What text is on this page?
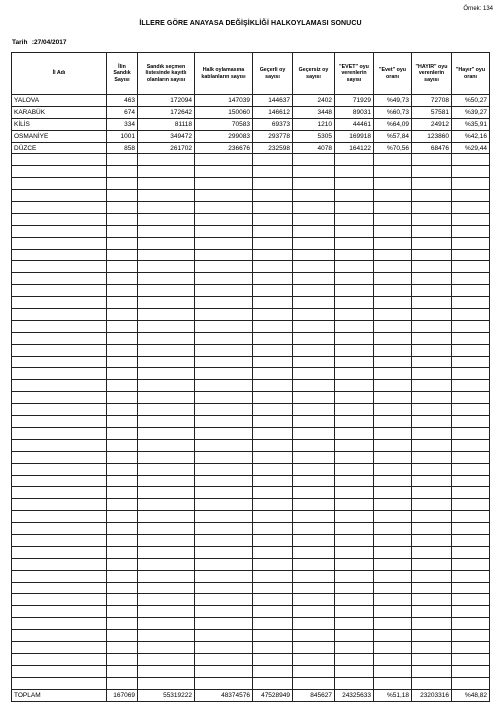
Örnek: 134
İLLERE GÖRE ANAYASA DEĞİŞİKLİĞİ HALKOYLAMASI SONUCU
Tarih :27/04/2017
İl Adı	İlin Sandık Sayısı	Sandık seçmen listesinde kayıtlı olanların sayısı	Halk oylamasına katılanların sayısı	Geçerli oy sayısı	Geçersiz oy sayısı	"EVET" oyu verenlerin sayısı	"Evet" oyu oranı	"HAYIR" oyu verenlerin sayısı	"Hayır" oyu oranı
YALOVA	463	172094	147039	144637	2402	71929	%49,73	72708	%50,27
KARABÜK	674	172642	150060	146612	3448	89031	%60,73	57581	%39,27
KİLİS	334	81118	70583	69373	1210	44461	%64,09	24912	%35,91
OSMANİYE	1001	349472	299083	293778	5305	169918	%57,84	123860	%42,16
DÜZCE	858	261702	236676	232598	4078	164122	%70,56	68476	%29,44

TOPLAM	167069	55319222	48374576	47528949	845627	24325633	%51,18	23203316	%48,82
